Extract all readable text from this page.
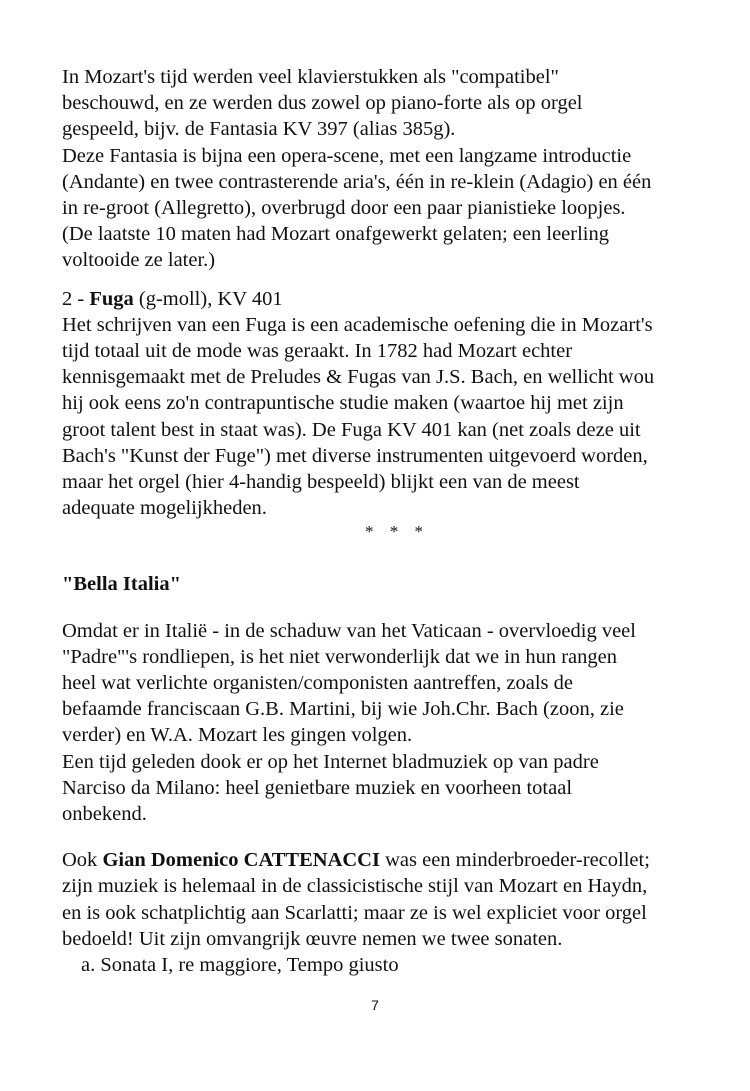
In Mozart's tijd werden veel klavierstukken als "compatibel"

beschouwd, en ze werden dus zowel op piano-forte als op orgel

gespeeld, bijv. de Fantasia KV 397 (alias 385g).

Deze Fantasia is bijna een opera-scene, met een langzame introductie

(Andante) en twee contrasterende aria's, één in re-klein (Adagio) en één

in re-groot (Allegretto), overbrugd door een paar pianistieke loopjes.

(De laatste 10 maten had Mozart onafgewerkt gelaten; een leerling

voltooide ze later.)

2 - Fuga (g-moll), KV 401

Het schrijven van een Fuga is een academische oefening die in Mozart's

tijd totaal uit de mode was geraakt. In 1782 had Mozart echter

kennisgemaakt met de Preludes & Fugas van J.S. Bach, en wellicht wou

hij ook eens zo'n contrapuntische studie maken (waartoe hij met zijn

groot talent best in staat was). De Fuga KV 401 kan (net zoals deze uit

Bach's "Kunst der Fuge") met diverse instrumenten uitgevoerd worden,

maar het orgel (hier 4-handig bespeeld) blijkt een van de meest

adequate mogelijkheden.

* * *

"Bella Italia"

Omdat er in Italië - in de schaduw van het Vaticaan - overvloedig veel

"Padre"'s rondliepen, is het niet verwonderlijk dat we in hun rangen

heel wat verlichte organisten/componisten aantreffen, zoals de

befaamde franciscaan G.B. Martini, bij wie Joh.Chr. Bach (zoon, zie

verder) en W.A. Mozart les gingen volgen.

Een tijd geleden dook er op het Internet bladmuziek op van padre

Narciso da Milano: heel genietbare muziek en voorheen totaal

onbekend.

Ook Gian Domenico CATTENACCI was een minderbroeder-recollet;

zijn muziek is helemaal in de classicistische stijl van Mozart en Haydn,

en is ook schatplichtig aan Scarlatti; maar ze is wel expliciet voor orgel

bedoeld! Uit zijn omvangrijk œuvre nemen we twee sonaten.

a. Sonata I, re maggiore, Tempo giusto

7
